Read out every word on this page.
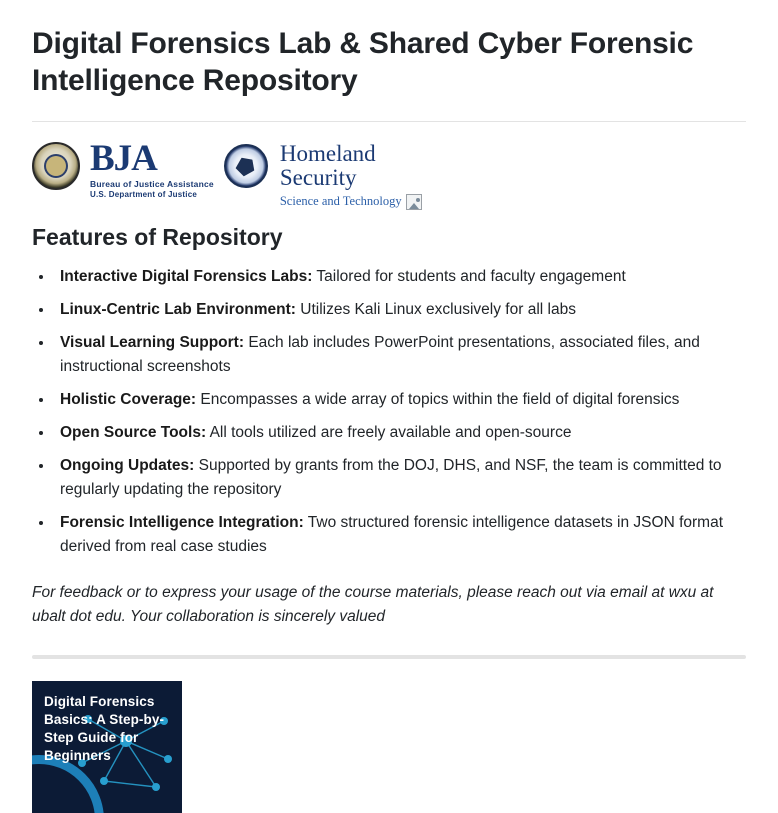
Digital Forensics Lab & Shared Cyber Forensic Intelligence Repository
BJA
Bureau of Justice Assistance
U.S. Department of Justice
Homeland
Security
Science and Technology
Features of Repository
• Interactive Digital Forensics Labs: Tailored for students and faculty engagement
• Linux-Centric Lab Environment: Utilizes Kali Linux exclusively for all labs
• Visual Learning Support: Each lab includes PowerPoint presentations, associated files, and instructional screenshots
• Holistic Coverage: Encompasses a wide array of topics within the field of digital forensics
• Open Source Tools: All tools utilized are freely available and open-source
• Ongoing Updates: Supported by grants from the DOJ, DHS, and NSF, the team is committed to regularly updating the repository
• Forensic Intelligence Integration: Two structured forensic intelligence datasets in JSON format derived from real case studies

For feedback or to express your usage of the course materials, please reach out via email at wxu at ubalt dot edu. Your collaboration is sincerely valued

Digital Forensics Basics: A Step-by-Step Guide for Beginners
